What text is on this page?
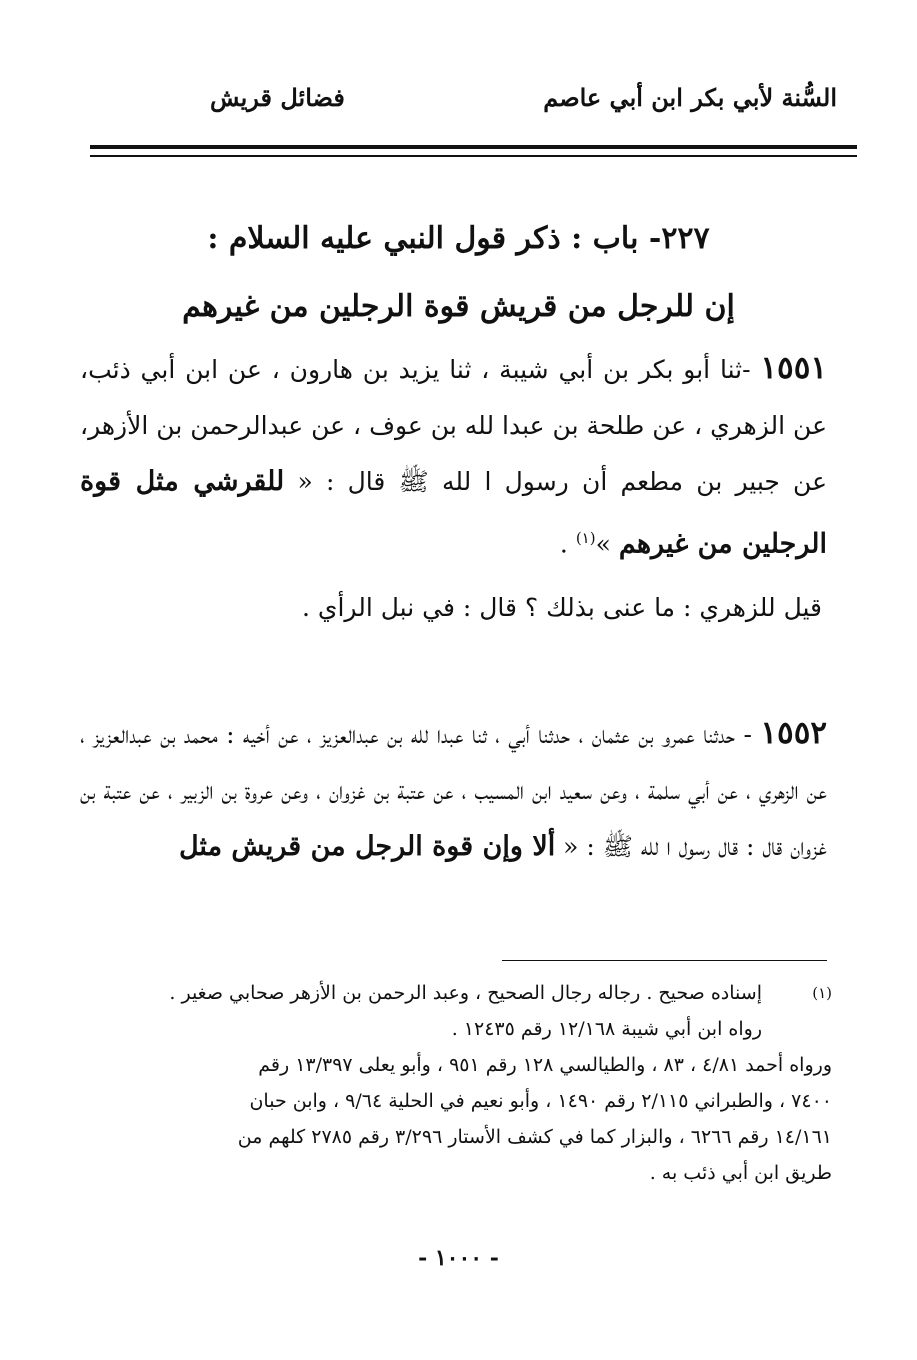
السُّنة لأبي بكر ابن أبي عاصم
فضائل قريش
٢٢٧- باب : ذكر قول النبي عليه السلام :
إن للرجل من قريش قوة الرجلين من غيرهم
١٥٥١ -ثنا أبو بكر بن أبي شيبة ، ثنا يزيد بن هارون ، عن ابن أبي ذئب، عن الزهري ، عن طلحة بن عبدا لله بن عوف ، عن عبدالرحمن بن الأزهر، عن جبير بن مطعم أن رسول ا لله ﷺ قال : « للقرشي مثل قوة الرجلين من غيرهم »$^{(١)}$ .
قيل للزهري : ما عنى بذلك ؟ قال : في نبل الرأي .
١٥٥٢ - حدثنا عمرو بن عثمان ، حدثنا أبي ، ثنا عبدا لله بن عبدالعزيز ، عن أخيه : محمد بن عبدالعزيز ، عن الزهري ، عن أبي سلمة ، وعن سعيد ابن المسيب ، عن عتبة بن غزوان ، وعن عروة بن الزبير ، عن عتبة بن غزوان قال : قال رسول ا لله ﷺ : « ألا وإن قوة الرجل من قريش مثل
(١)
إسناده صحيح . رجاله رجال الصحيح ، وعبد الرحمن بن الأزهر صحابي صغير .
رواه ابن أبي شيبة ١٢/١٦٨ رقم ١٢٤٣٥ .
ورواه أحمد ٤/٨١ ، ٨٣ ، والطيالسي ١٢٨ رقم ٩٥١ ، وأبو يعلى ١٣/٣٩٧ رقم
٧٤٠٠ ، والطبراني ٢/١١٥ رقم ١٤٩٠ ، وأبو نعيم في الحلية ٩/٦٤ ، وابن حبان
١٤/١٦١ رقم ٦٢٦٦ ، والبزار كما في كشف الأستار ٣/٢٩٦ رقم ٢٧٨٥ كلهم من
طريق ابن أبي ذئب به .
- ١٠٠٠ -
